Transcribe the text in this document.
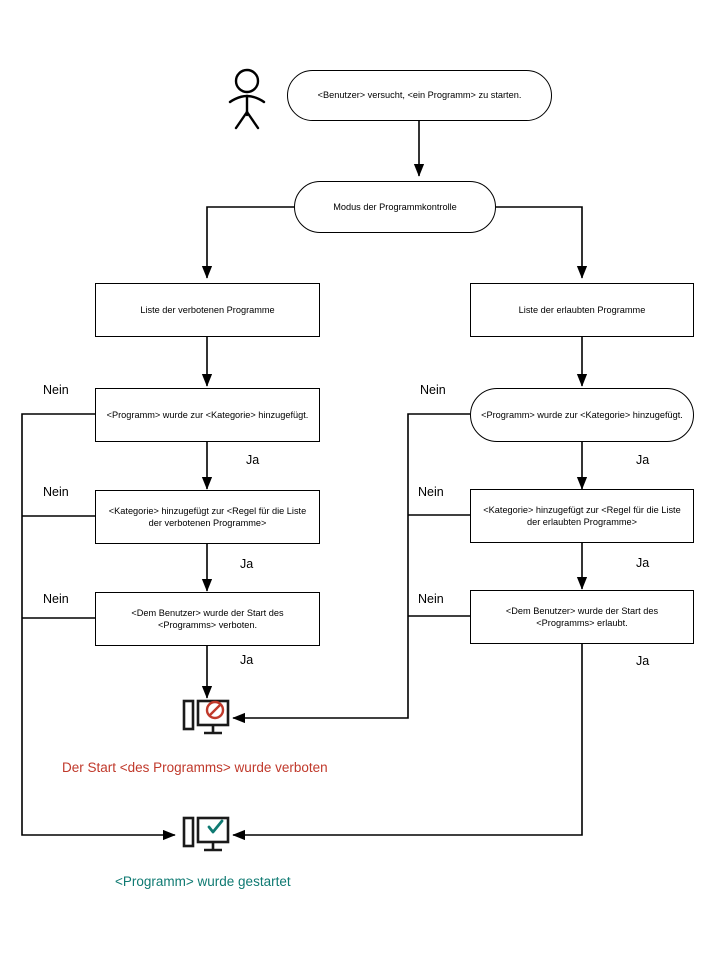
<Benutzer> versucht, <ein Programm> zu starten.
Modus der Programmkontrolle
Liste der verbotenen Programme	Liste der erlaubten Programme
<Programm> wurde zur <Kategorie> hinzugefügt.	<Programm> wurde zur <Kategorie> hinzugefügt.
<Kategorie> hinzugefügt zur <Regel für die Liste der verbotenen Programme>
<Kategorie> hinzugefügt zur <Regel für die Liste der erlaubten Programme>
<Dem Benutzer> wurde der Start des <Programms> verboten.
<Dem Benutzer> wurde der Start des <Programms> erlaubt.
Nein
Nein
Nein
Ja
Ja
Ja
Nein
Nein
Nein
Ja
Ja
Ja
Der Start <des Programms> wurde verboten
<Programm> wurde gestartet
